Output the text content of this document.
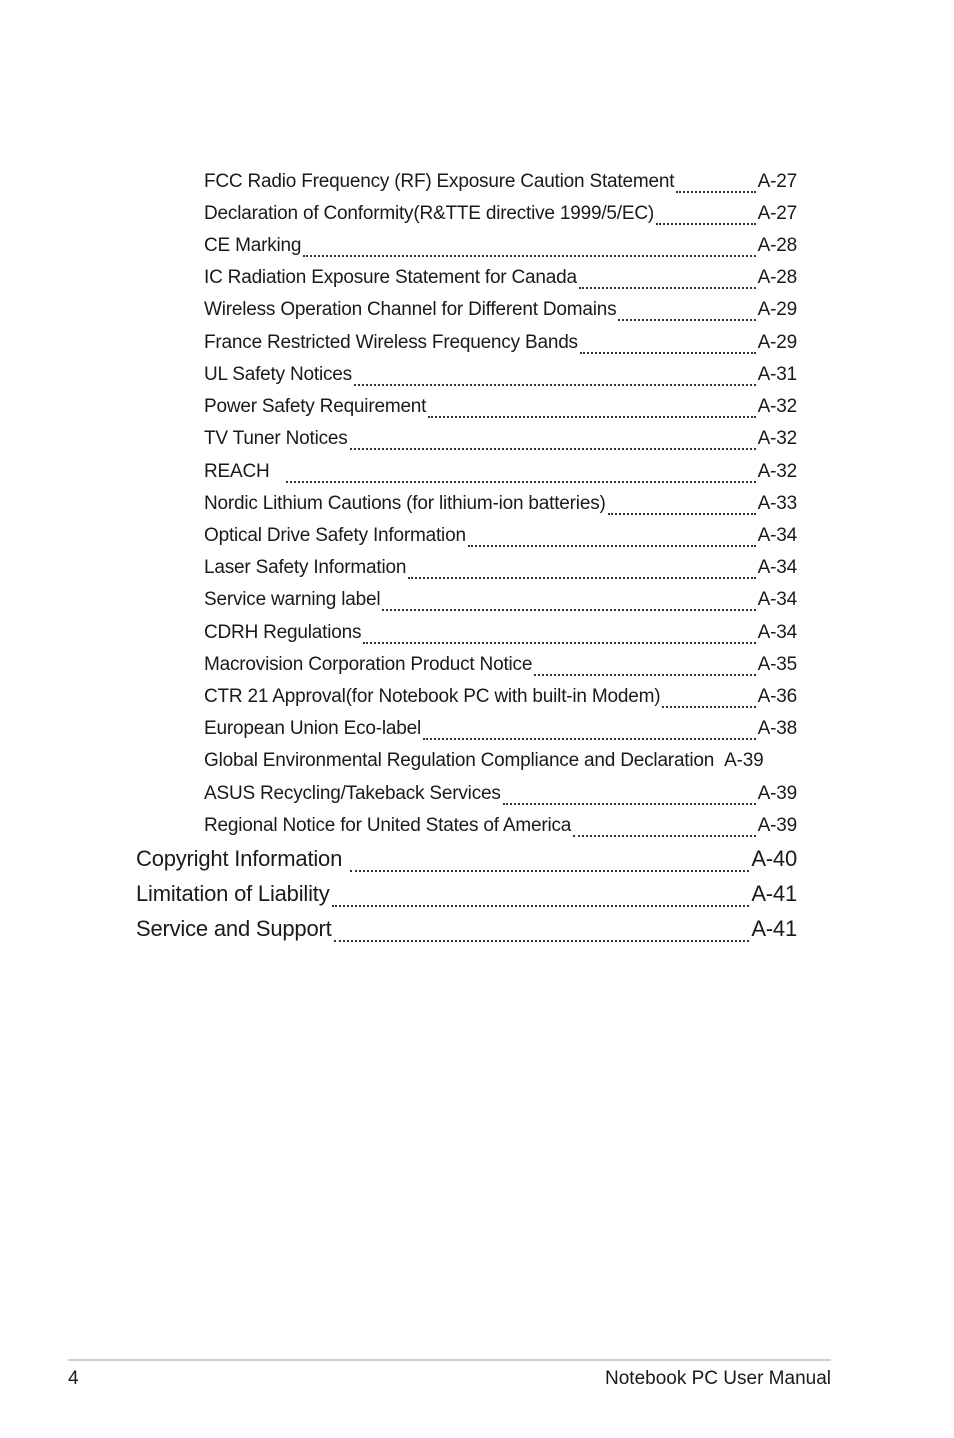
FCC Radio Frequency (RF) Exposure Caution Statement	A-27
Declaration of Conformity(R&TTE directive 1999/5/EC)	A-27
CE Marking	A-28
IC Radiation Exposure Statement for Canada	A-28
Wireless Operation Channel for Different Domains	A-29
France Restricted Wireless Frequency Bands	A-29
UL Safety Notices	A-31
Power Safety Requirement	A-32
TV Tuner Notices	A-32
REACH	A-32
Nordic Lithium Cautions (for lithium-ion batteries)	A-33
Optical Drive Safety Information	A-34
Laser Safety Information	A-34
Service warning label	A-34
CDRH Regulations	A-34
Macrovision Corporation Product Notice	A-35
CTR 21 Approval(for Notebook PC with built-in Modem)	A-36
European Union Eco-label	A-38
Global Environmental Regulation Compliance and Declaration A-39
ASUS Recycling/Takeback Services	A-39
Regional Notice for United States of America	A-39
Copyright Information	A-40
Limitation of Liability	A-41
Service and Support	A-41
4	Notebook PC User Manual
